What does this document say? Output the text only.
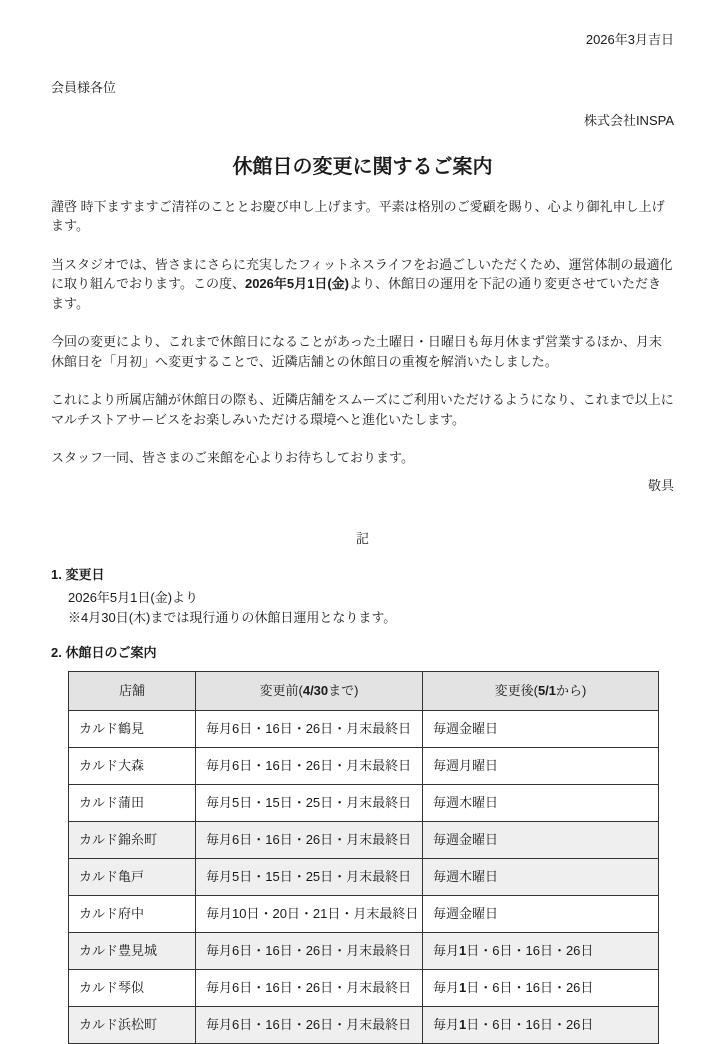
2026年3月吉日

会員様各位

株式会社INSPA

休館日の変更に関するご案内

謹啓 時下ますますご清祥のこととお慶び申し上げます。平素は格別のご愛顧を賜り、心より御礼申し上げます。

当スタジオでは、皆さまにさらに充実したフィットネスライフをお過ごしいただくため、運営体制の最適化に取り組んでおります。この度、2026年5月1日(金)より、休館日の運用を下記の通り変更させていただきます。

今回の変更により、これまで休館日になることがあった土曜日・日曜日も毎月休まず営業するほか、月末休館日を「月初」へ変更することで、近隣店舗との休館日の重複を解消いたしました。

これにより所属店舗が休館日の際も、近隣店舗をスムーズにご利用いただけるようになり、これまで以上にマルチストアサービスをお楽しみいただける環境へと進化いたします。

スタッフ一同、皆さまのご来館を心よりお待ちしております。

敬具

記

1. 変更日

2026年5月1日(金)より
※4月30日(木)までは現行通りの休館日運用となります。

2. 休館日のご案内

店舗	変更前(4/30まで)	変更後(5/1から)
カルド鶴見	毎月6日・16日・26日・月末最終日	毎週金曜日
カルド大森	毎月6日・16日・26日・月末最終日	毎週月曜日
カルド蒲田	毎月5日・15日・25日・月末最終日	毎週木曜日
カルド錦糸町	毎月6日・16日・26日・月末最終日	毎週金曜日
カルド亀戸	毎月5日・15日・25日・月末最終日	毎週木曜日
カルド府中	毎月10日・20日・21日・月末最終日	毎週金曜日
カルド豊見城	毎月6日・16日・26日・月末最終日	毎月1日・6日・16日・26日
カルド琴似	毎月6日・16日・26日・月末最終日	毎月1日・6日・16日・26日
カルド浜松町	毎月6日・16日・26日・月末最終日	毎月1日・6日・16日・26日
